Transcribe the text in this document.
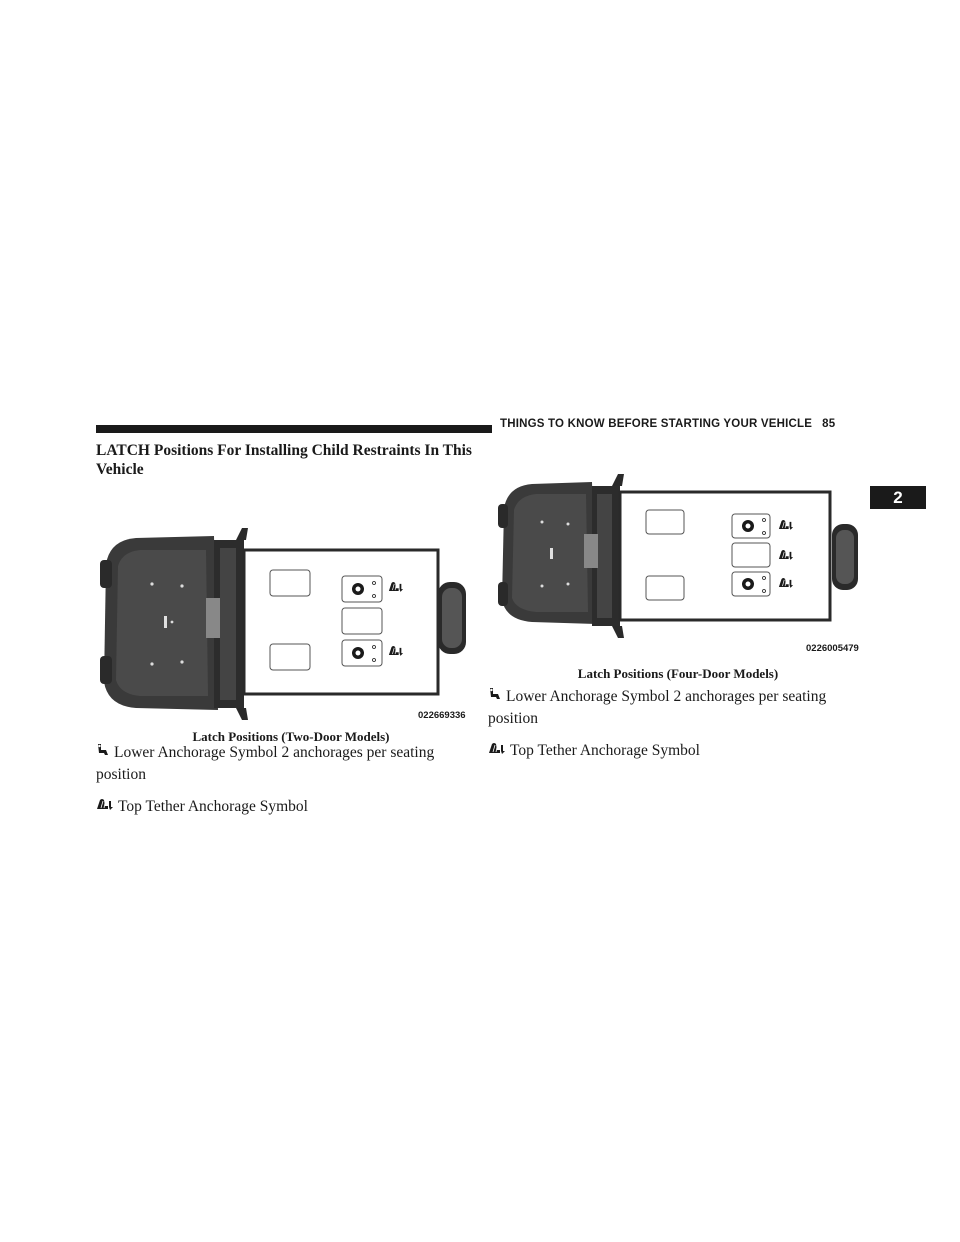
THINGS TO KNOW BEFORE STARTING YOUR VEHICLE 85
2
LATCH Positions For Installing Child Restraints In This Vehicle
022669336
Latch Positions (Two-Door Models)

Lower Anchorage Symbol 2 anchorages per seating position

Top Tether Anchorage Symbol

0226005479
Latch Positions (Four-Door Models)

Lower Anchorage Symbol 2 anchorages per seating position

Top Tether Anchorage Symbol
